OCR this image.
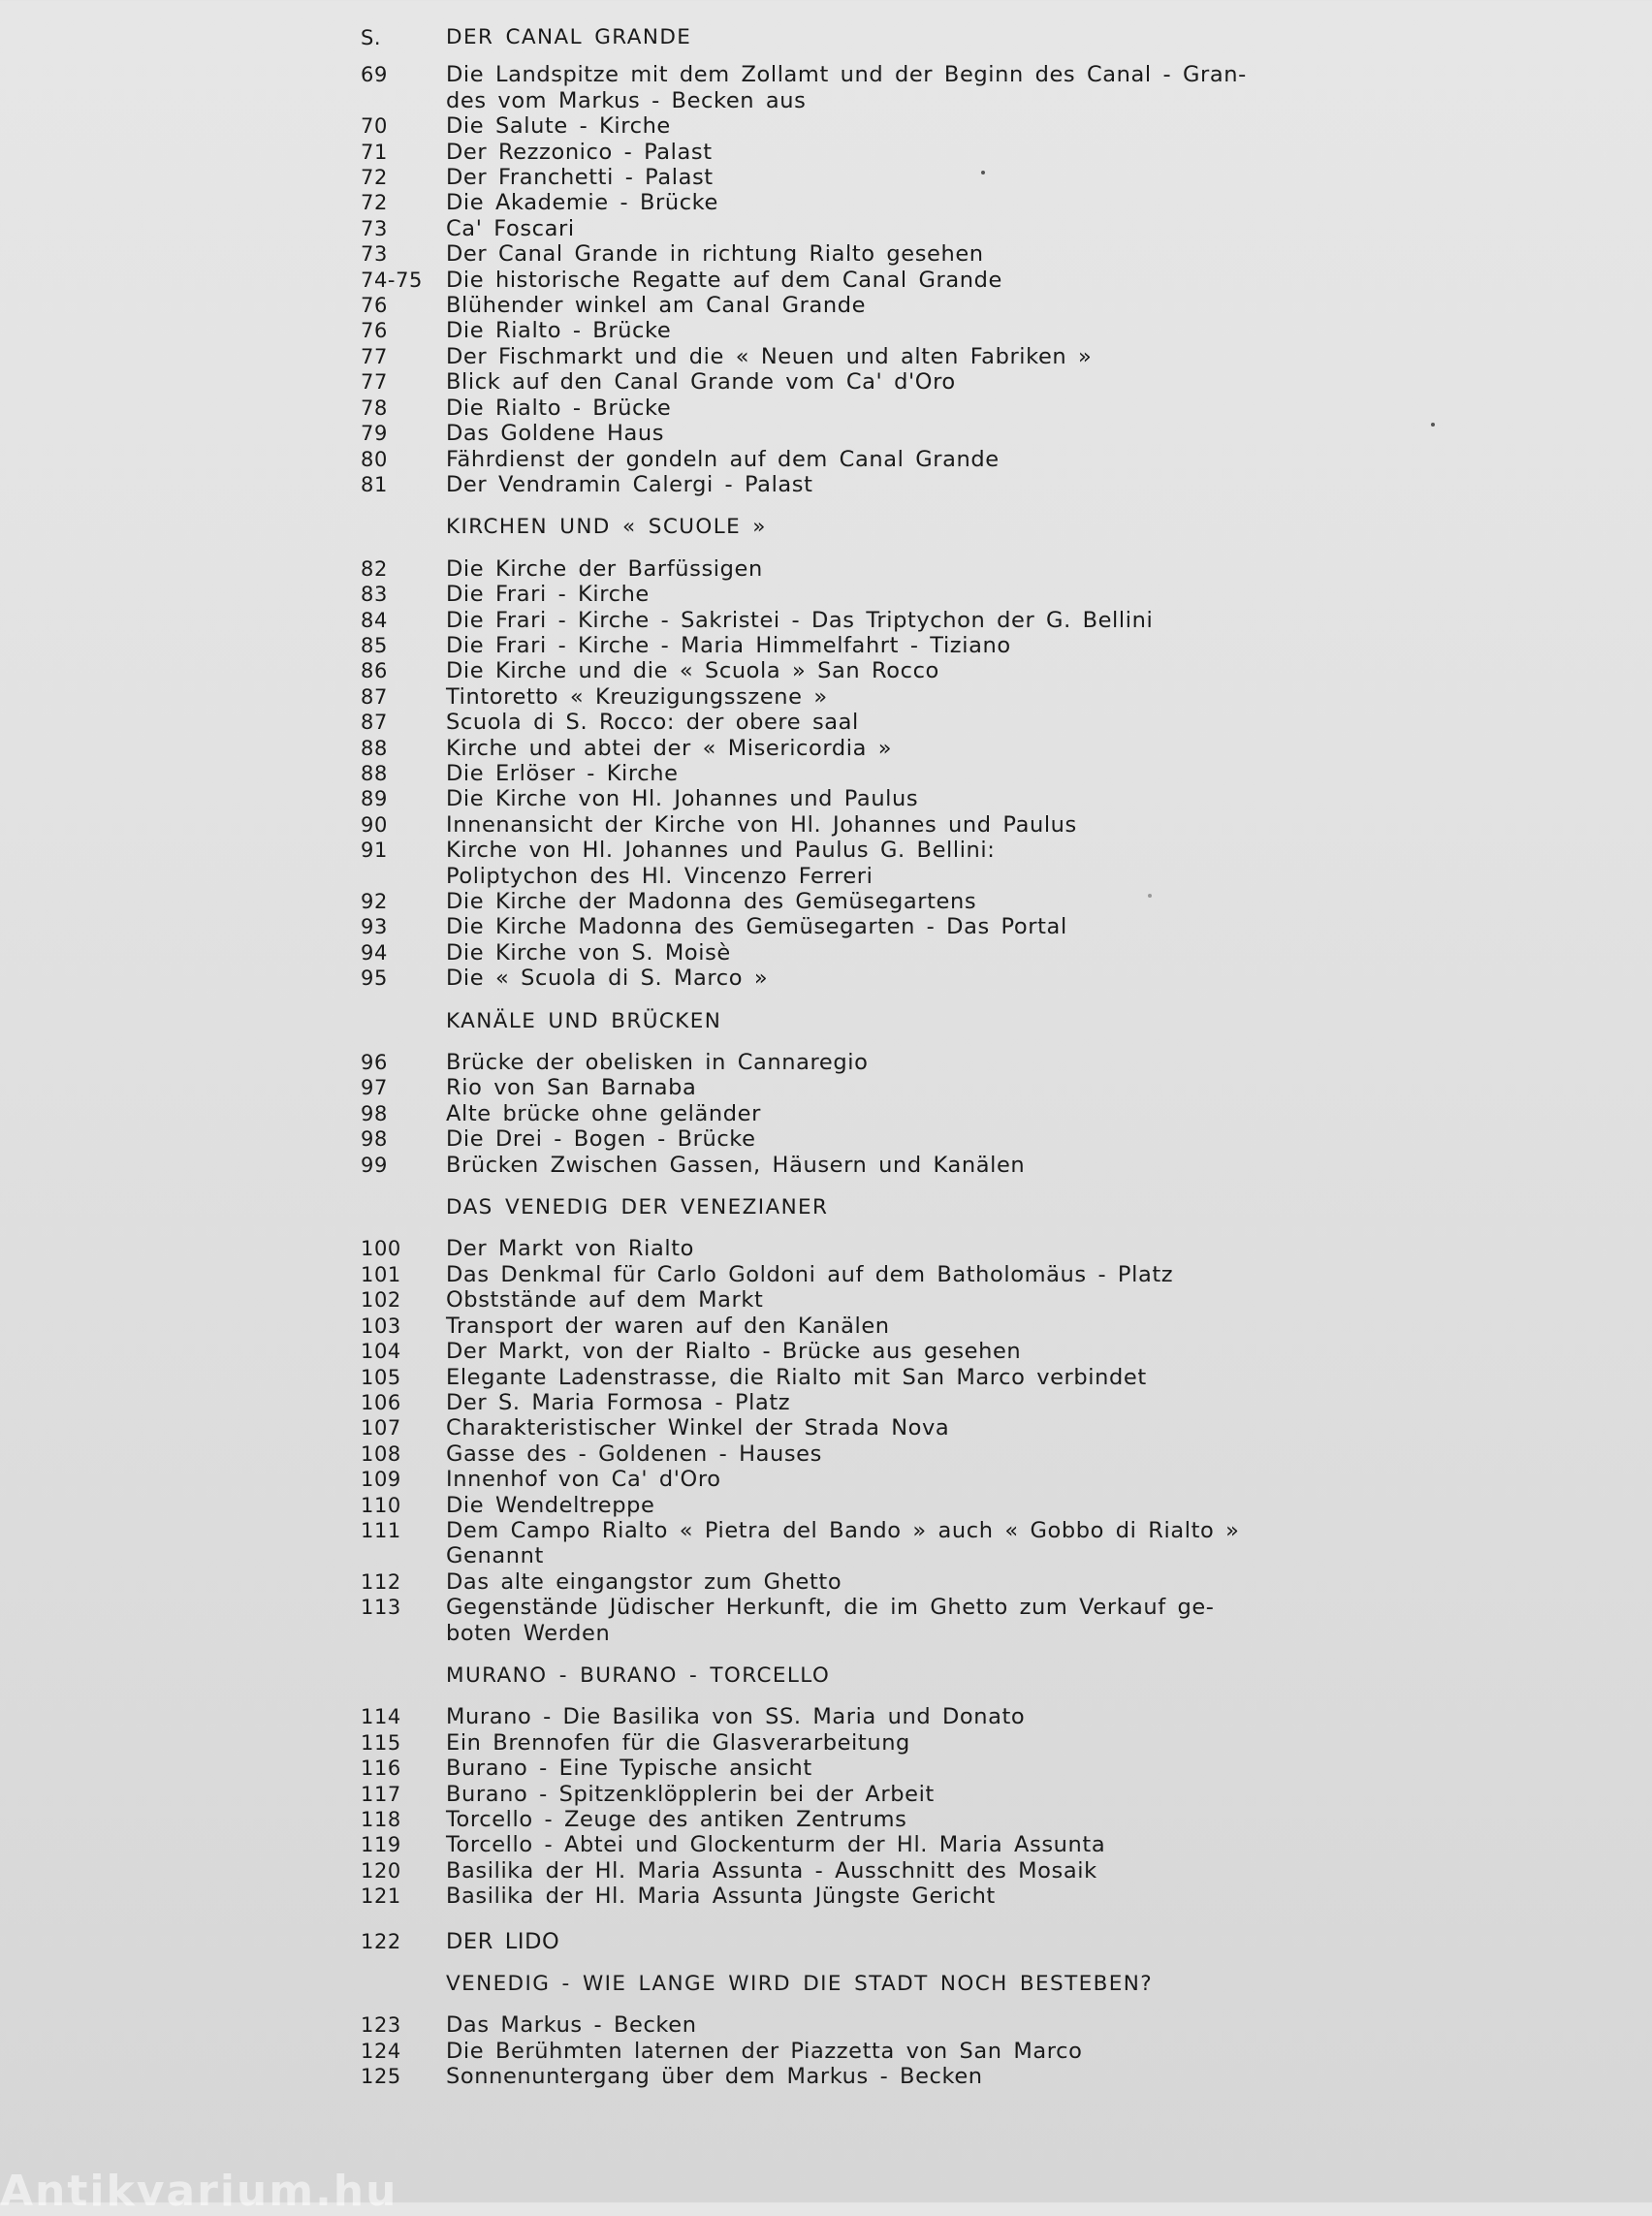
S.	DER CANAL GRANDE
69	Die Landspitze mit dem Zollamt und der Beginn des Canal - Gran-
des vom Markus - Becken aus
70	Die Salute - Kirche
71	Der Rezzonico - Palast
72	Der Franchetti - Palast
72	Die Akademie - Brücke
73	Ca' Foscari
73	Der Canal Grande in richtung Rialto gesehen
74-75	Die historische Regatte auf dem Canal Grande
76	Blühender winkel am Canal Grande
76	Die Rialto - Brücke
77	Der Fischmarkt und die « Neuen und alten Fabriken »
77	Blick auf den Canal Grande vom Ca' d'Oro
78	Die Rialto - Brücke
79	Das Goldene Haus
80	Fährdienst der gondeln auf dem Canal Grande
81	Der Vendramin Calergi - Palast
KIRCHEN UND « SCUOLE »
82	Die Kirche der Barfüssigen
83	Die Frari - Kirche
84	Die Frari - Kirche - Sakristei - Das Triptychon der G. Bellini
85	Die Frari - Kirche - Maria Himmelfahrt - Tiziano
86	Die Kirche und die « Scuola » San Rocco
87	Tintoretto « Kreuzigungsszene »
87	Scuola di S. Rocco: der obere saal
88	Kirche und abtei der « Misericordia »
88	Die Erlöser - Kirche
89	Die Kirche von Hl. Johannes und Paulus
90	Innenansicht der Kirche von Hl. Johannes und Paulus
91	Kirche von Hl. Johannes und Paulus G. Bellini:
Poliptychon des Hl. Vincenzo Ferreri
92	Die Kirche der Madonna des Gemüsegartens
93	Die Kirche Madonna des Gemüsegarten - Das Portal
94	Die Kirche von S. Moisè
95	Die « Scuola di S. Marco »
KANÄLE UND BRÜCKEN
96	Brücke der obelisken in Cannaregio
97	Rio von San Barnaba
98	Alte brücke ohne geländer
98	Die Drei - Bogen - Brücke
99	Brücken Zwischen Gassen, Häusern und Kanälen
DAS VENEDIG DER VENEZIANER
100	Der Markt von Rialto
101	Das Denkmal für Carlo Goldoni auf dem Batholomäus - Platz
102	Obststände auf dem Markt
103	Transport der waren auf den Kanälen
104	Der Markt, von der Rialto - Brücke aus gesehen
105	Elegante Ladenstrasse, die Rialto mit San Marco verbindet
106	Der S. Maria Formosa - Platz
107	Charakteristischer Winkel der Strada Nova
108	Gasse des - Goldenen - Hauses
109	Innenhof von Ca' d'Oro
110	Die Wendeltreppe
111	Dem Campo Rialto « Pietra del Bando » auch « Gobbo di Rialto »
Genannt
112	Das alte eingangstor zum Ghetto
113	Gegenstände Jüdischer Herkunft, die im Ghetto zum Verkauf ge-
boten Werden
MURANO - BURANO - TORCELLO
114	Murano - Die Basilika von SS. Maria und Donato
115	Ein Brennofen für die Glasverarbeitung
116	Burano - Eine Typische ansicht
117	Burano - Spitzenklöpplerin bei der Arbeit
118	Torcello - Zeuge des antiken Zentrums
119	Torcello - Abtei und Glockenturm der Hl. Maria Assunta
120	Basilika der Hl. Maria Assunta - Ausschnitt des Mosaik
121	Basilika der Hl. Maria Assunta Jüngste Gericht
122	DER LIDO
VENEDIG - WIE LANGE WIRD DIE STADT NOCH BESTEBEN?
123	Das Markus - Becken
124	Die Berühmten laternen der Piazzetta von San Marco
125	Sonnenuntergang über dem Markus - Becken
Antikvarium.hu
